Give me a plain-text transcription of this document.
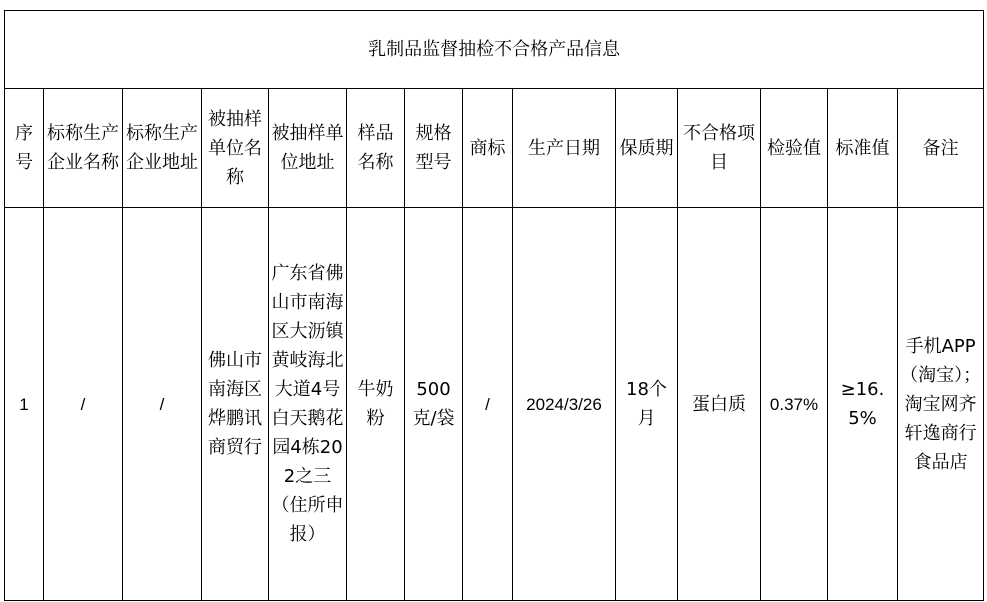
乳制品监督抽检不合格产品信息													
序号	标称生产企业名称	标称生产企业地址	被抽样单位名称	被抽样单位地址	样品名称	规格型号	商标	生产日期	保质期	不合格项目	检验值	标准值	备注
1	/	/	佛山市南海区烨鹏讯商贸行	广东省佛山市南海区大沥镇黄岐海北大道4号白天鹅花园4栋202之三（住所申报）	牛奶粉	500克/袋	/	2024/3/26	18个月	蛋白质	0.37%	≥16.5%	手机APP（淘宝）；淘宝网齐轩逸商行食品店
